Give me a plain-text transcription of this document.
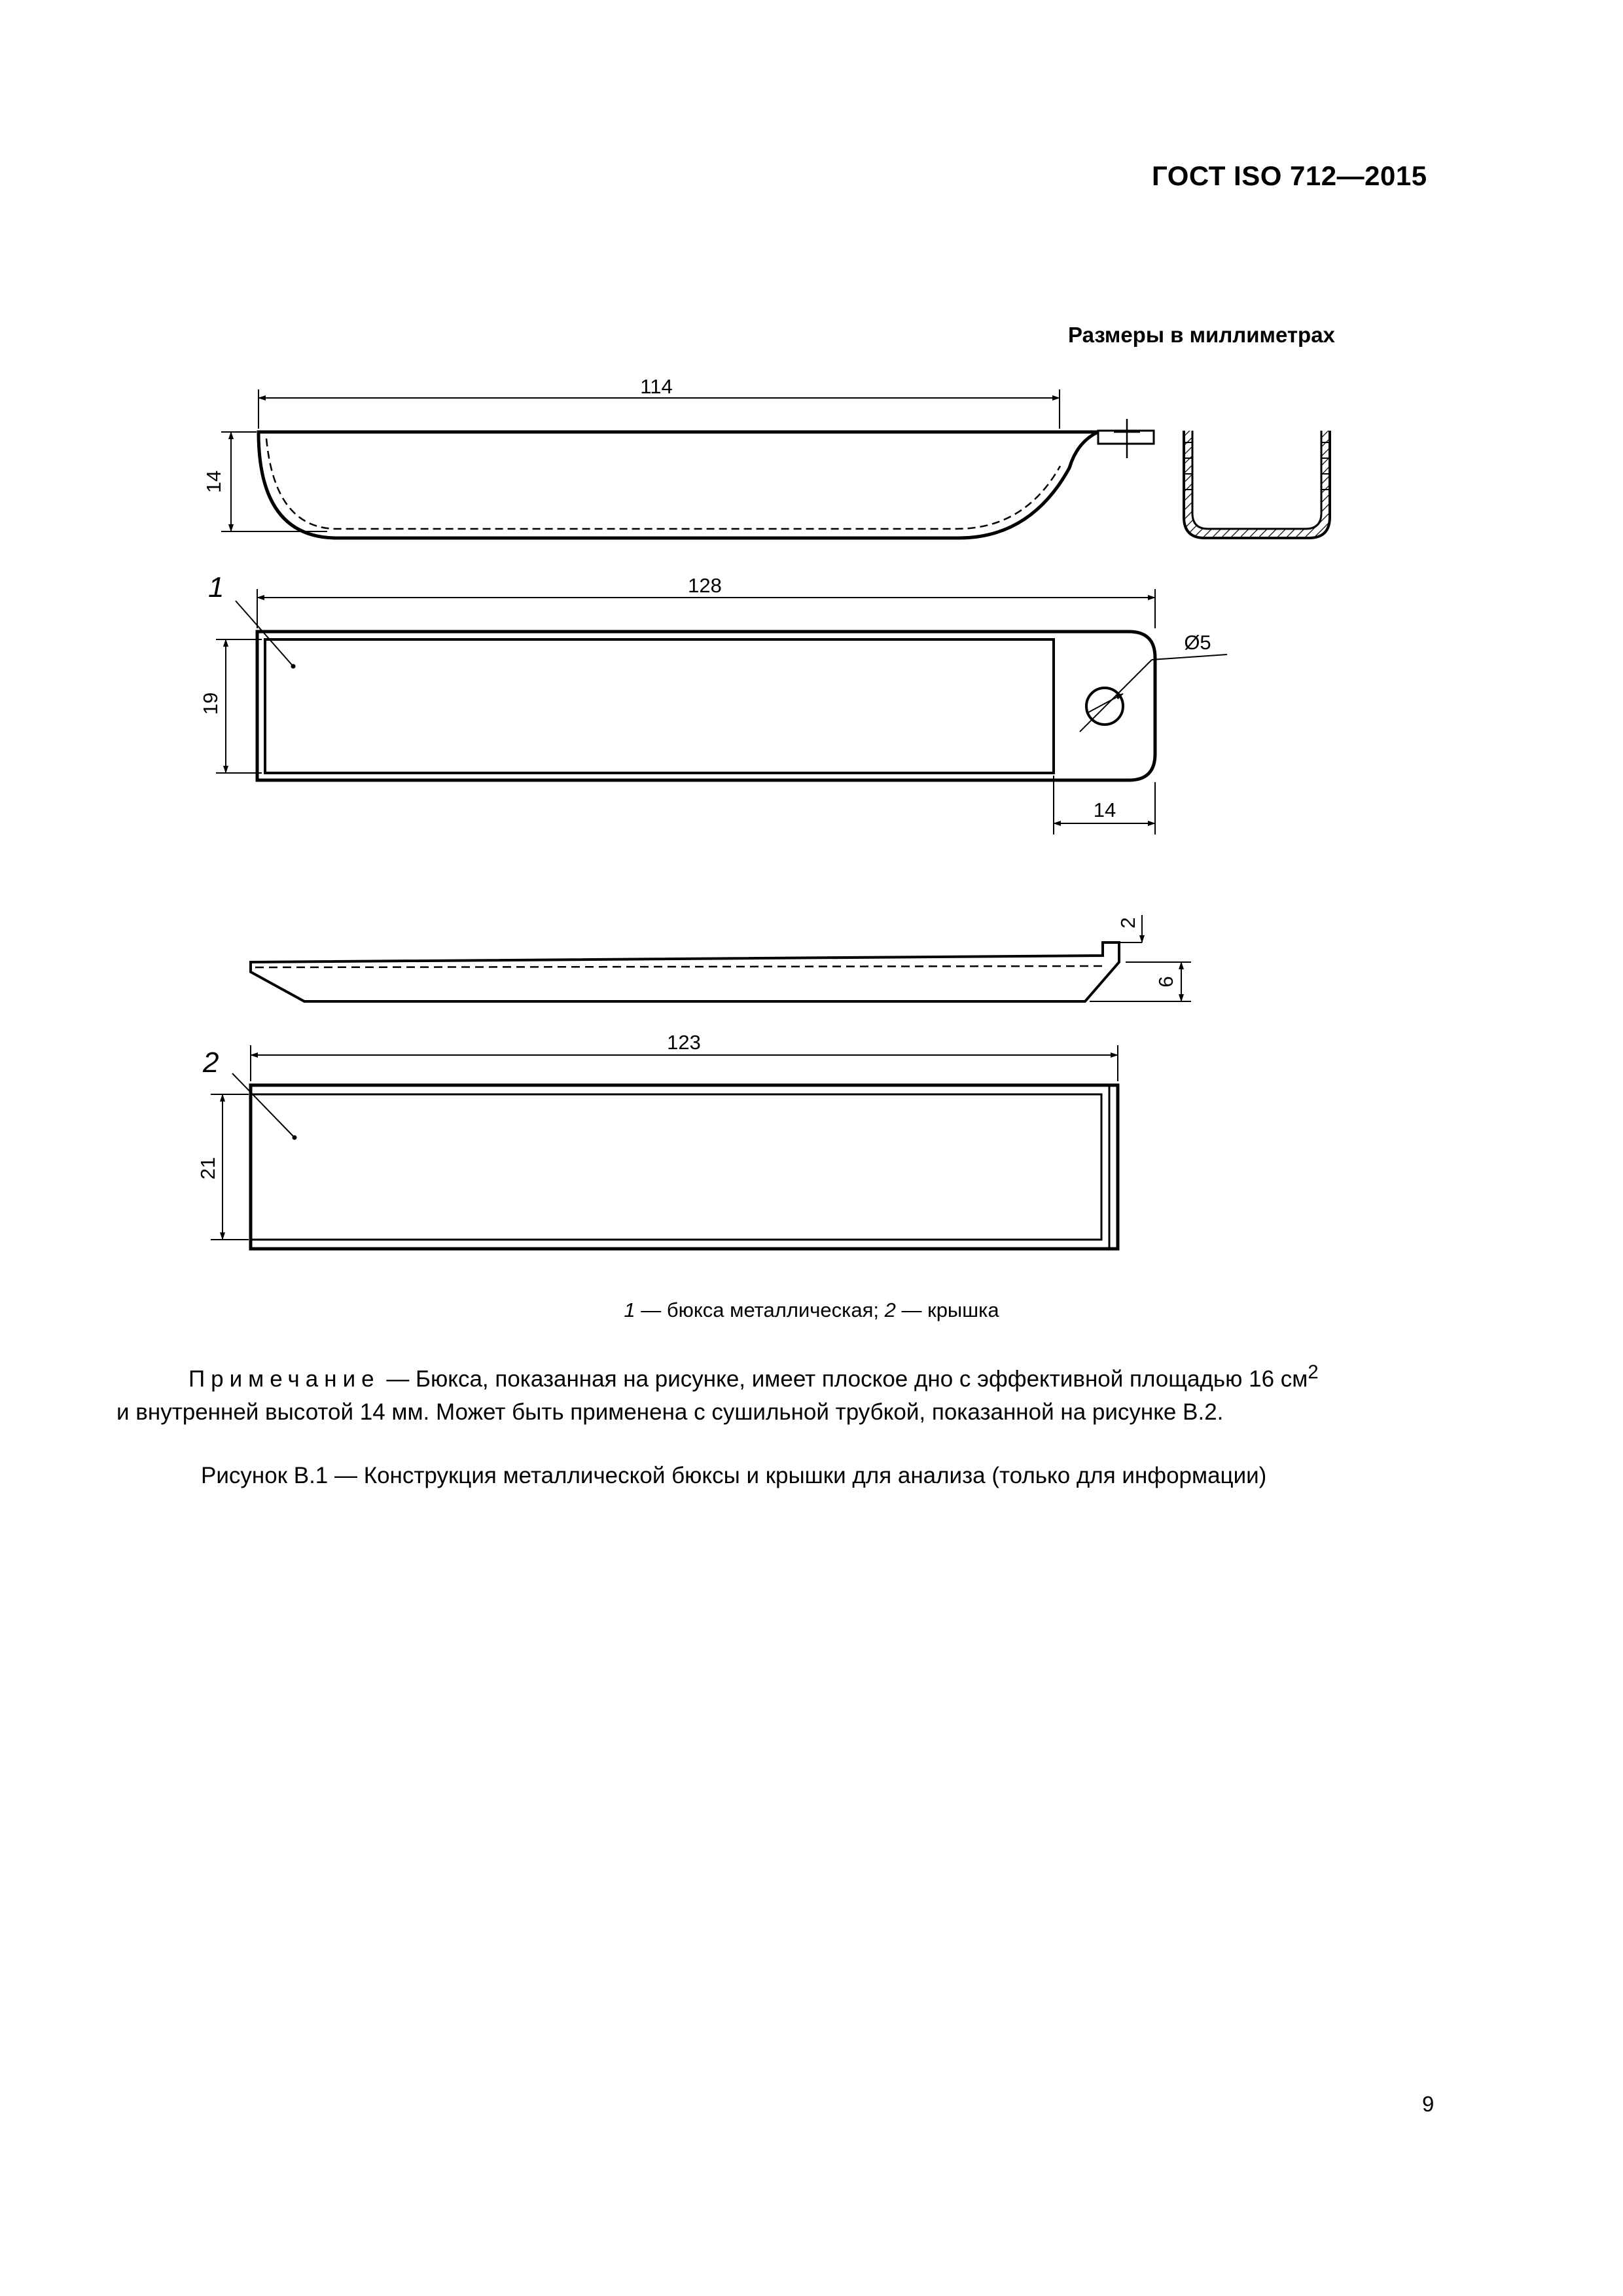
ГОСТ ISO 712—2015
Размеры в миллиметрах
114
14
128
19
Ø5
14
2
6
123
21
1
2
1 — бюкса металлическая; 2 — крышка
Примечание — Бюкса, показанная на рисунке, имеет плоское дно с эффективной площадью 16 $см^2$
и внутренней высотой 14 мм. Может быть применена с сушильной трубкой, показанной на рисунке В.2.
Рисунок В.1 — Конструкция металлической бюксы и крышки для анализа (только для информации)
9
